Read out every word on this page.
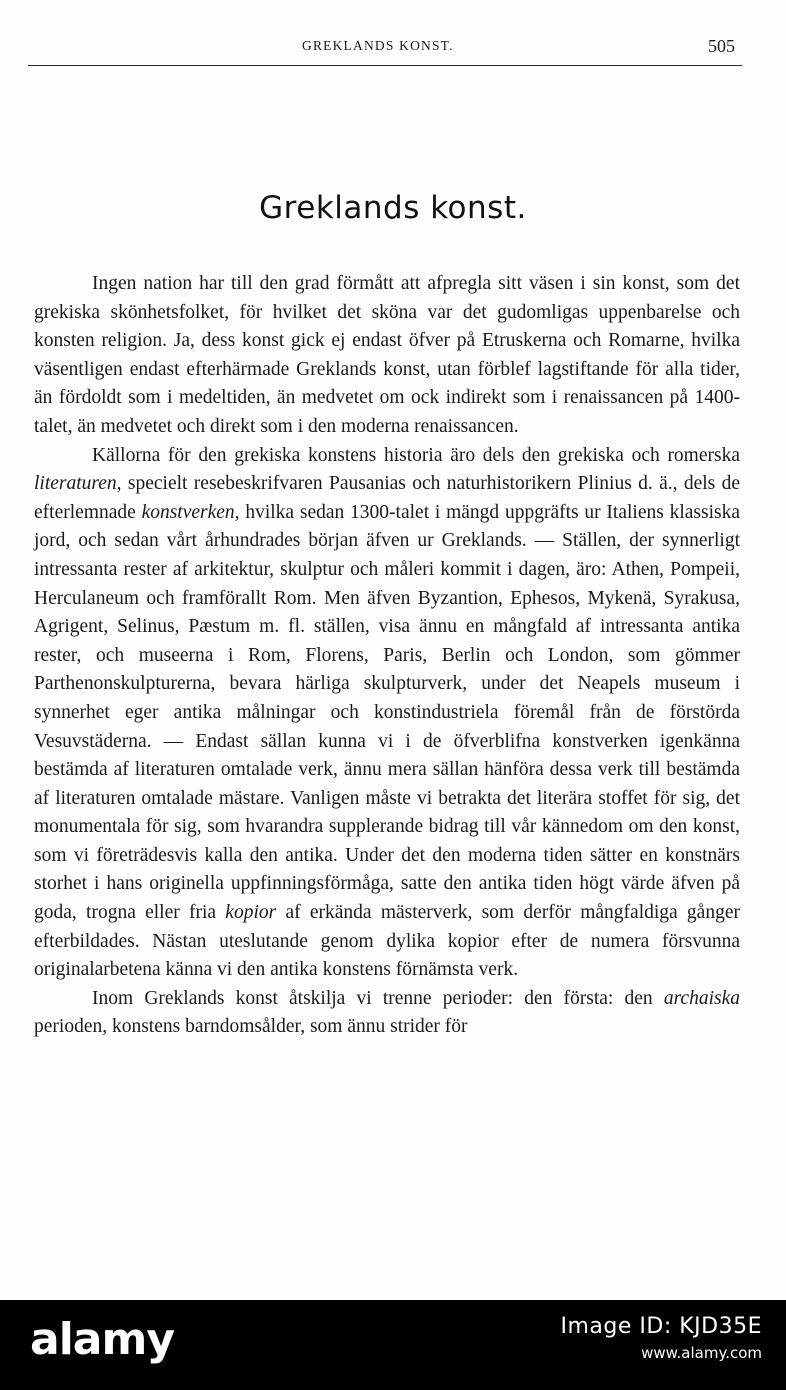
GREKLANDS KONST.	505
Greklands konst.

Ingen nation har till den grad förmått att afpregla sitt väsen i sin konst, som det grekiska skönhetsfolket, för hvilket det sköna var det gudomligas uppenbarelse och konsten religion. Ja, dess konst gick ej endast öfver på Etruskerna och Romarne, hvilka väsentligen endast efterhärmade Greklands konst, utan förblef lagstiftande för alla tider, än fördoldt som i medeltiden, än medvetet om ock indirekt som i renaissancen på 1400-talet, än medvetet och direkt som i den moderna renaissancen.

Källorna för den grekiska konstens historia äro dels den grekiska och romerska literaturen, specielt resebeskrifvaren Pausanias och naturhistorikern Plinius d. ä., dels de efterlemnade konstverken, hvilka sedan 1300-talet i mängd uppgräfts ur Italiens klassiska jord, och sedan vårt århundrades början äfven ur Greklands. — Ställen, der synnerligt intressanta rester af arkitektur, skulptur och måleri kommit i dagen, äro: Athen, Pompeii, Herculaneum och framförallt Rom. Men äfven Byzantion, Ephesos, Mykenä, Syrakusa, Agrigent, Selinus, Pæstum m. fl. ställen, visa ännu en mångfald af intressanta antika rester, och museerna i Rom, Florens, Paris, Berlin och London, som gömmer Parthenonskulpturerna, bevara härliga skulpturverk, under det Neapels museum i synnerhet eger antika målningar och konstindustriela föremål från de förstörda Vesuvstäderna. — Endast sällan kunna vi i de öfverblifna konstverken igenkänna bestämda af literaturen omtalade verk, ännu mera sällan hänföra dessa verk till bestämda af literaturen omtalade mästare. Vanligen måste vi betrakta det literära stoffet för sig, det monumentala för sig, som hvarandra supplerande bidrag till vår kännedom om den konst, som vi företrädesvis kalla den antika. Under det den moderna tiden sätter en konstnärs storhet i hans originella uppfinningsförmåga, satte den antika tiden högt värde äfven på goda, trogna eller fria kopior af erkända mästerverk, som derför mångfaldiga gånger efterbildades. Nästan uteslutande genom dylika kopior efter de numera försvunna originalarbetena känna vi den antika konstens förnämsta verk.

Inom Greklands konst åtskilja vi trenne perioder: den första: den archaiska perioden, konstens barndomsålder, som ännu strider för

alamy	Image ID: KJD35E
www.alamy.com
